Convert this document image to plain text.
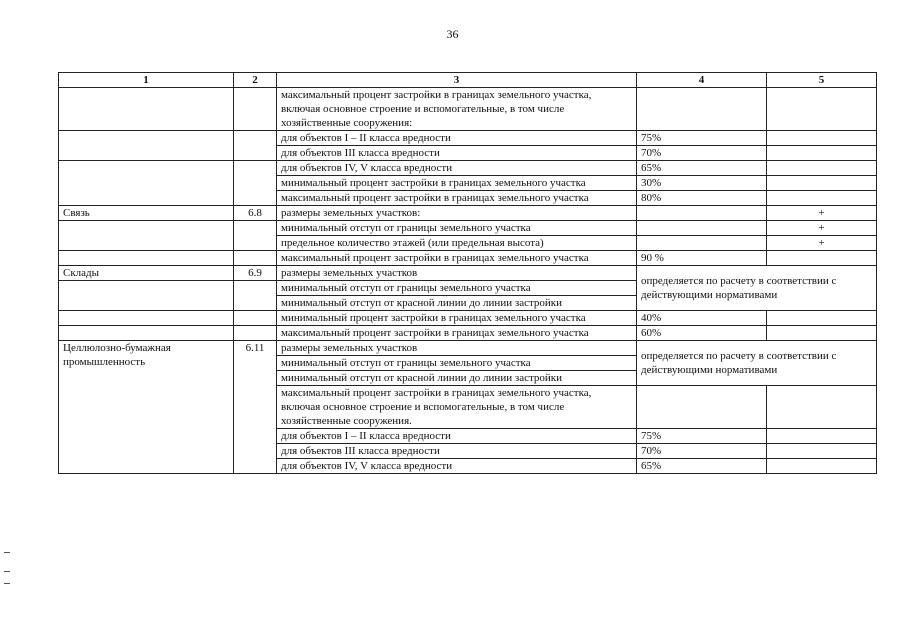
36
1	2	3	4	5
		максимальный процент застройки в границах земельного участка, включая основное строение и вспомогательные, в том числе хозяйственные сооружения:		
		для объектов I – II класса вредности	75%	
		для объектов III класса вредности	70%	
		для объектов IV, V класса вредности	65%	
		минимальный процент застройки в границах земельного участка	30%	
		максимальный процент застройки в границах земельного участка	80%	
Связь	6.8	размеры земельных участков:		+
		минимальный отступ от границы земельного участка		+
		предельное количество этажей (или предельная высота)		+
		максимальный процент застройки в границах земельного участка	90 %	
Склады	6.9	размеры земельных участков	определяется по расчету в соответствии с действующими нормативами	
		минимальный отступ от границы земельного участка		
		минимальный отступ от красной линии до линии застройки		
		минимальный процент застройки в границах земельного участка	40%	
		максимальный процент застройки в границах земельного участка	60%	
Целлюлозно-бумажная промышленность	6.11	размеры земельных участков	определяется по расчету в соответствии с действующими нормативами	
		минимальный отступ от границы земельного участка		
		минимальный отступ от красной линии до линии застройки		
		максимальный процент застройки в границах земельного участка, включая основное строение и вспомогательные, в том числе хозяйственные сооружения.		
		для объектов I – II класса вредности	75%	
		для объектов III класса вредности	70%	
		для объектов IV, V класса вредности	65%	
